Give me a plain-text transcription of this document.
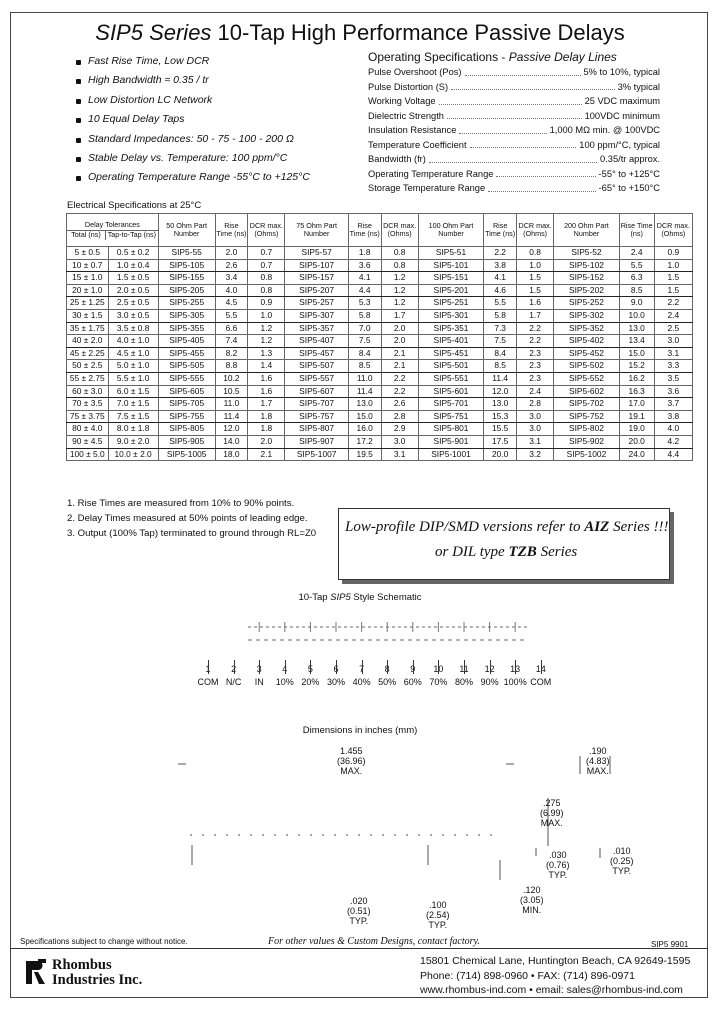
SIP5 Series 10-Tap High Performance Passive Delays
Fast Rise Time, Low DCR
High Bandwidth ≈ 0.35 / tr
Low Distortion LC Network
10 Equal Delay Taps
Standard Impedances: 50 - 75 - 100 - 200 Ω
Stable Delay vs. Temperature: 100 ppm/°C
Operating Temperature Range -55°C to +125°C
Operating Specifications - Passive Delay Lines
Pulse Overshoot (Pos)	5% to 10%, typical
Pulse Distortion (S)	3% typical
Working Voltage	25 VDC maximum
Dielectric Strength	100VDC minimum
Insulation Resistance	1,000 MΩ min. @ 100VDC
Temperature Coefficient	100 ppm/°C, typical
Bandwidth (fr)	0.35/tr approx.
Operating Temperature Range	-55° to +125°C
Storage Temperature Range	-65° to +150°C
Electrical Specifications at 25°C
Delay Tolerances
Total (ns) Tap-to-Tap (ns)		50 Ohm Part Number	Rise Time (ns)	DCR max. (Ohms)	75 Ohm Part Number	Rise Time (ns)	DCR max. (Ohms)	100 Ohm Part Number	Rise Time (ns)	DCR max. (Ohms)	200 Ohm Part Number	Rise Time (ns)	DCR max. (Ohms)
5 ± 0.5	0.5 ± 0.2	SIP5-55	2.0	0.7	SIP5-57	1.8	0.8	SIP5-51	2.2	0.8	SIP5-52	2.4	0.9
10 ± 0.7	1.0 ± 0.4	SIP5-105	2.6	0.7	SIP5-107	3.6	0.8	SIP5-101	3.8	1.0	SIP5-102	5.5	1.0
15 ± 1.0	1.5 ± 0.5	SIP5-155	3.4	0.8	SIP5-157	4.1	1.2	SIP5-151	4.1	1.5	SIP5-152	6.3	1.5
20 ± 1.0	2.0 ± 0.5	SIP5-205	4.0	0.8	SIP5-207	4.4	1.2	SIP5-201	4.6	1.5	SIP5-202	8.5	1.5
25 ± 1.25	2.5 ± 0.5	SIP5-255	4.5	0.9	SIP5-257	5.3	1.2	SIP5-251	5.5	1.6	SIP5-252	9.0	2.2
30 ± 1.5	3.0 ± 0.5	SIP5-305	5.5	1.0	SIP5-307	5.8	1.7	SIP5-301	5.8	1.7	SIP5-302	10.0	2.4
35 ± 1.75	3.5 ± 0.8	SIP5-355	6.6	1.2	SIP5-357	7.0	2.0	SIP5-351	7.3	2.2	SIP5-352	13.0	2.5
40 ± 2.0	4.0 ± 1.0	SIP5-405	7.4	1.2	SIP5-407	7.5	2.0	SIP5-401	7.5	2.2	SIP5-402	13.4	3.0
45 ± 2.25	4.5 ± 1.0	SIP5-455	8.2	1.3	SIP5-457	8.4	2.1	SIP5-451	8.4	2.3	SIP5-452	15.0	3.1
50 ± 2.5	5.0 ± 1.0	SIP5-505	8.8	1.4	SIP5-507	8.5	2.1	SIP5-501	8.5	2.3	SIP5-502	15.2	3.3
55 ± 2.75	5.5 ± 1.0	SIP5-555	10.2	1.6	SIP5-557	11.0	2.2	SIP5-551	11.4	2.3	SIP5-552	16.2	3.5
60 ± 3.0	6.0 ± 1.5	SIP5-605	10.5	1.6	SIP5-607	11.4	2.2	SIP5-601	12.0	2.4	SIP5-602	16.3	3.6
70 ± 3.5	7.0 ± 1.5	SIP5-705	11.0	1.7	SIP5-707	13.0	2.6	SIP5-701	13.0	2.8	SIP5-702	17.0	3.7
75 ± 3.75	7.5 ± 1.5	SIP5-755	11.4	1.8	SIP5-757	15.0	2.8	SIP5-751	15.3	3.0	SIP5-752	19.1	3.8
80 ± 4.0	8.0 ± 1.8	SIP5-805	12.0	1.8	SIP5-807	16.0	2.9	SIP5-801	15.5	3.0	SIP5-802	19.0	4.0
90 ± 4.5	9.0 ± 2.0	SIP5-905	14.0	2.0	SIP5-907	17.2	3.0	SIP5-901	17.5	3.1	SIP5-902	20.0	4.2
100 ± 5.0	10.0 ± 2.0	SIP5-1005	18.0	2.1	SIP5-1007	19.5	3.1	SIP5-1001	20.0	3.2	SIP5-1002	24.0	4.4
1. Rise Times are measured from 10% to 90% points.
2. Delay Times measured at 50% points of leading edge.
3. Output (100% Tap) terminated to ground through RL=Z0 Low-profile DIP/SMD versions refer to AIZ Series !!!
or DIL type TZB Series
10-Tap SIP5 Style Schematic
1
COM
2
N/C
3
IN
4
10%
5
20%
6
30%
7
40%
8
50%
9
60%
10
70%
11
80%
12
90%
13
100%
14
COM
Dimensions in inches (mm)
1.455
(36.96)
MAX.
.190
(4.83)
MAX.
.275
(6.99)
MAX.
.030
(0.76)
TYP.
.010
(0.25)
TYP.
.120
(3.05)
MIN.
.020
(0.51)
TYP.
.100
(2.54)
TYP.
Specifications subject to change without notice.	For other values & Custom Designs, contact factory.	SIP5 9901
Rhombus
Industries Inc.
15801 Chemical Lane, Huntington Beach, CA 92649-1595
Phone: (714) 898-0960 • FAX: (714) 896-0971
www.rhombus-ind.com • email: sales@rhombus-ind.com
